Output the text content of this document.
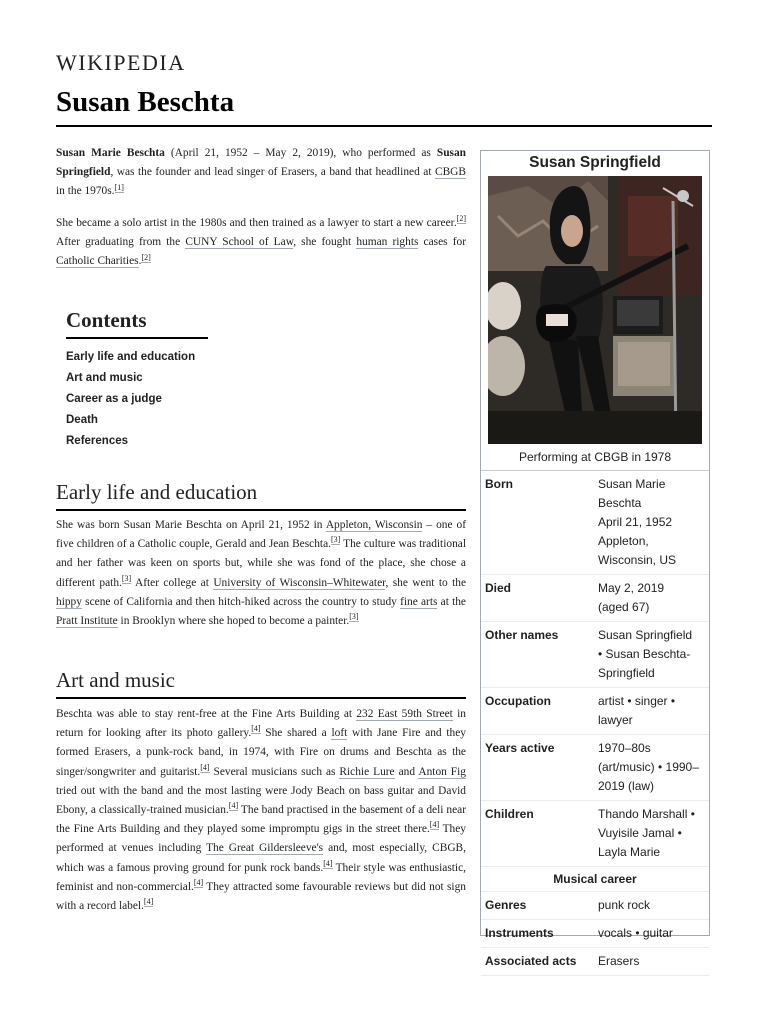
WIKIPEDIA
Susan Beschta

Susan Marie Beschta (April 21, 1952 – May 2, 2019), who performed as Susan Springfield, was the founder and lead singer of Erasers, a band that headlined at CBGB in the 1970s.[1]

She became a solo artist in the 1980s and then trained as a lawyer to start a new career.[2] After graduating from the CUNY School of Law, she fought human rights cases for Catholic Charities.[2]

Contents
Early life and education
Art and music
Career as a judge
Death
References
Early life and education

She was born Susan Marie Beschta on April 21, 1952 in Appleton, Wisconsin – one of five children of a Catholic couple, Gerald and Jean Beschta.[3] The culture was traditional and her father was keen on sports but, while she was fond of the place, she chose a different path.[3] After college at University of Wisconsin–Whitewater, she went to the hippy scene of California and then hitch-hiked across the country to study fine arts at the Pratt Institute in Brooklyn where she hoped to become a painter.[3]

Art and music

Beschta was able to stay rent-free at the Fine Arts Building at 232 East 59th Street in return for looking after its photo gallery.[4] She shared a loft with Jane Fire and they formed Erasers, a punk-rock band, in 1974, with Fire on drums and Beschta as the singer/songwriter and guitarist.[4] Several musicians such as Richie Lure and Anton Fig tried out with the band and the most lasting were Jody Beach on bass guitar and David Ebony, a classically-trained musician.[4] The band practised in the basement of a deli near the Fine Arts Building and they played some impromptu gigs in the street there.[4] They performed at venues including The Great Gildersleeve's and, most especially, CBGB, which was a famous proving ground for punk rock bands.[4] Their style was enthusiastic, feminist and non-commercial.[4] They attracted some favourable reviews but did not sign with a record label.[4]

Susan Springfield
Performing at CBGB in 1978
Born	Susan Marie Beschta
April 21, 1952
Appleton, Wisconsin, US
Died	May 2, 2019
(aged 67)
Other names	Susan Springfield
• Susan Beschta-Springfield
Occupation	artist • singer • lawyer
Years active	1970–80s (art/music) • 1990–2019 (law)
Children	Thando Marshall • Vuyisile Jamal • Layla Marie
Musical career
Genres	punk rock
Instruments	vocals • guitar
Associated acts	Erasers
